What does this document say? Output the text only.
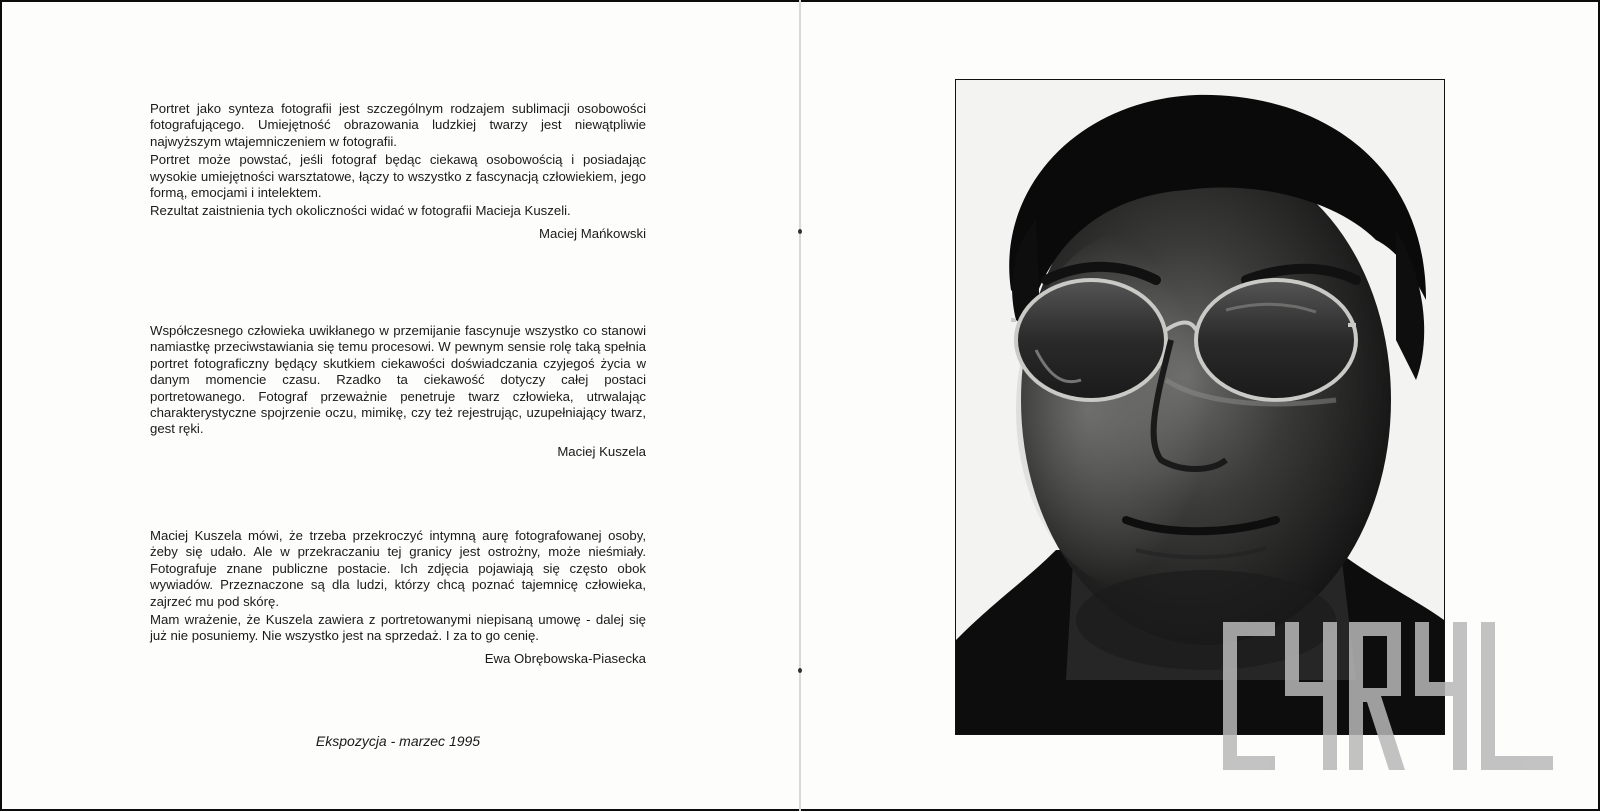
Portret jako synteza fotografii jest szczególnym rodzajem sublimacji osobowości fotografującego. Umiejętność obrazowania ludzkiej twarzy jest niewątpliwie najwyższym wtajemniczeniem w fotografii.

Portret może powstać, jeśli fotograf będąc ciekawą osobowością i posiadając wysokie umiejętności warsztatowe, łączy to wszystko z fascynacją człowiekiem, jego formą, emocjami i intelektem.

Rezultat zaistnienia tych okoliczności widać w fotografii Macieja Kuszeli.

Maciej Mańkowski

Współczesnego człowieka uwikłanego w przemijanie fascynuje wszystko co stanowi namiastkę przeciwstawiania się temu procesowi. W pewnym sensie rolę taką spełnia portret fotograficzny będący skutkiem ciekawości doświadczania czyjegoś życia w danym momencie czasu. Rzadko ta ciekawość dotyczy całej postaci portretowanego. Fotograf przeważnie penetruje twarz człowieka, utrwalając charakterystyczne spojrzenie oczu, mimikę, czy też rejestrując, uzupełniający twarz, gest ręki.

Maciej Kuszela

Maciej Kuszela mówi, że trzeba przekroczyć intymną aurę fotografowanej osoby, żeby się udało. Ale w przekraczaniu tej granicy jest ostrożny, może nieśmiały. Fotografuje znane publiczne postacie. Ich zdjęcia pojawiają się często obok wywiadów. Przeznaczone są dla ludzi, którzy chcą poznać tajemnicę człowieka, zajrzeć mu pod skórę.

Mam wrażenie, że Kuszela zawiera z portretowanymi niepisaną umowę - dalej się już nie posuniemy. Nie wszystko jest na sprzedaż. I za to go cenię.

Ewa Obrębowska-Piasecka
Ekspozycja - marzec 1995
